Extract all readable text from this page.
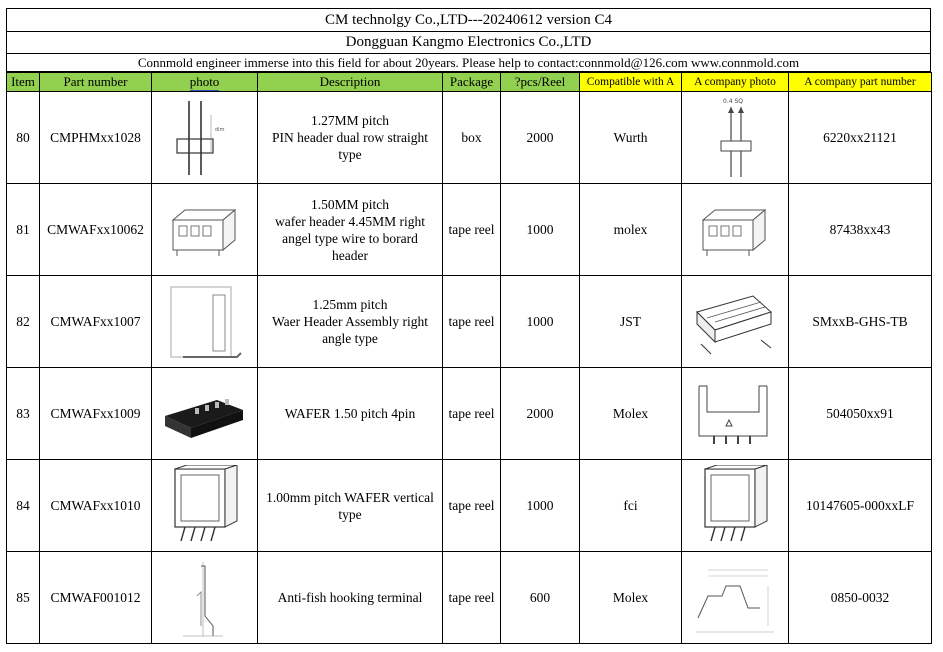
CM technolgy Co.,LTD---20240612 version C4
Dongguan Kangmo Electronics Co.,LTD
Connmold engineer immerse into this field for about 20years. Please help to contact:connmold@126.com www.connmold.com
Item	Part number	photo	Description	Package	?pcs/Reel	Compatible with A	A company photo	A company part number
80	CMPHMxx1028		1.27MM pitch
PIN header dual row straight
type	box	2000	Wurth		6220xx21121
81	CMWAFxx10062		1.50MM pitch
wafer header 4.45MM right
angel type wire to borard
header	tape reel	1000	molex		87438xx43
82	CMWAFxx1007		1.25mm pitch
Waer Header Assembly right
angle type	tape reel	1000	JST		SMxxB-GHS-TB
83	CMWAFxx1009		WAFER 1.50 pitch 4pin	tape reel	2000	Molex		504050xx91
84	CMWAFxx1010		1.00mm pitch WAFER vertical
type	tape reel	1000	fci		10147605-000xxLF
85	CMWAF001012		Anti-fish hooking terminal	tape reel	600	Molex		0850-0032
